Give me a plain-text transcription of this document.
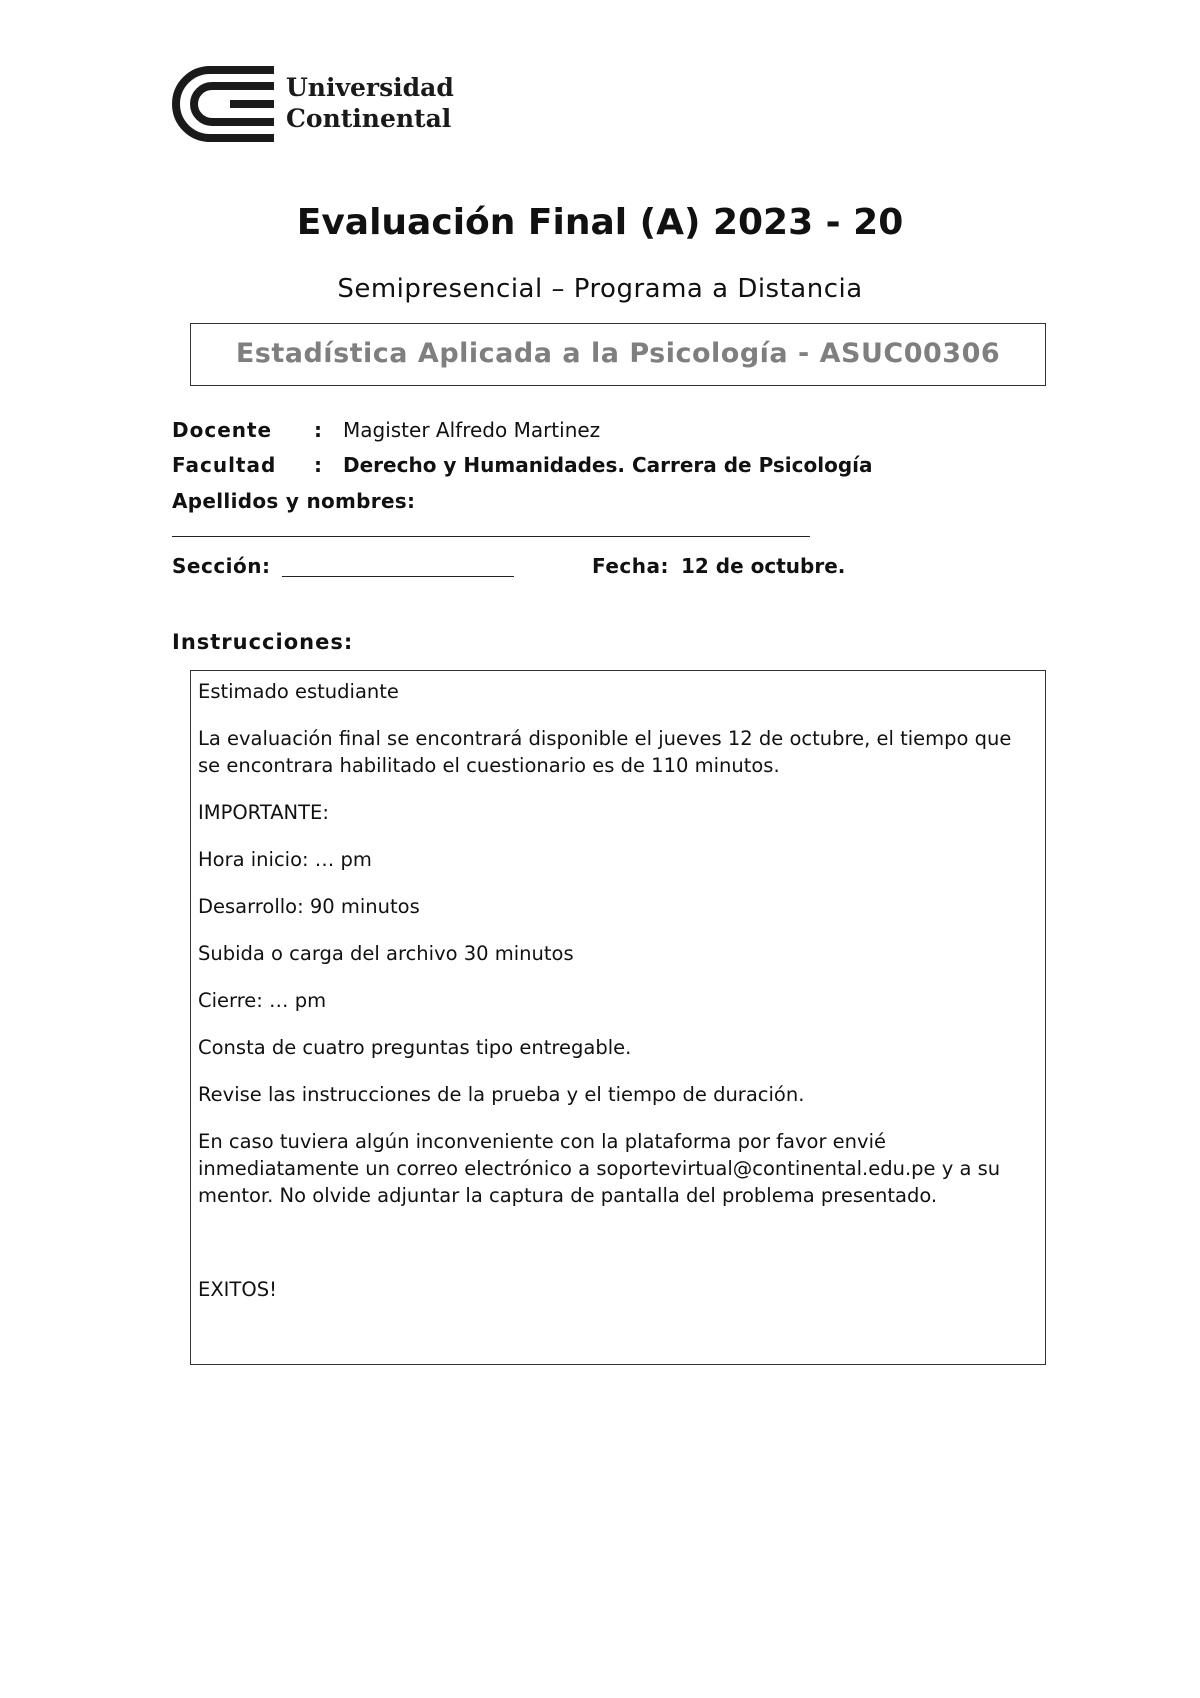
Universidad
Continental
Evaluación Final (A) 2023 - 20
Semipresencial – Programa a Distancia
Estadística Aplicada a la Psicología - ASUC00306
Docente : Magister Alfredo Martinez
Facultad : Derecho y Humanidades. Carrera de Psicología
Apellidos y nombres:
Sección:	Fecha: 12 de octubre.
Instrucciones:

Estimado estudiante

La evaluación final se encontrará disponible el jueves 12 de octubre, el tiempo que se encontrara habilitado el cuestionario es de 110 minutos.

IMPORTANTE:

Hora inicio: … pm

Desarrollo: 90 minutos

Subida o carga del archivo 30 minutos

Cierre: … pm

Consta de cuatro preguntas tipo entregable.

Revise las instrucciones de la prueba y el tiempo de duración.

En caso tuviera algún inconveniente con la plataforma por favor envié inmediatamente un correo electrónico a soportevirtual@continental.edu.pe y a su mentor. No olvide adjuntar la captura de pantalla del problema presentado.

EXITOS!
